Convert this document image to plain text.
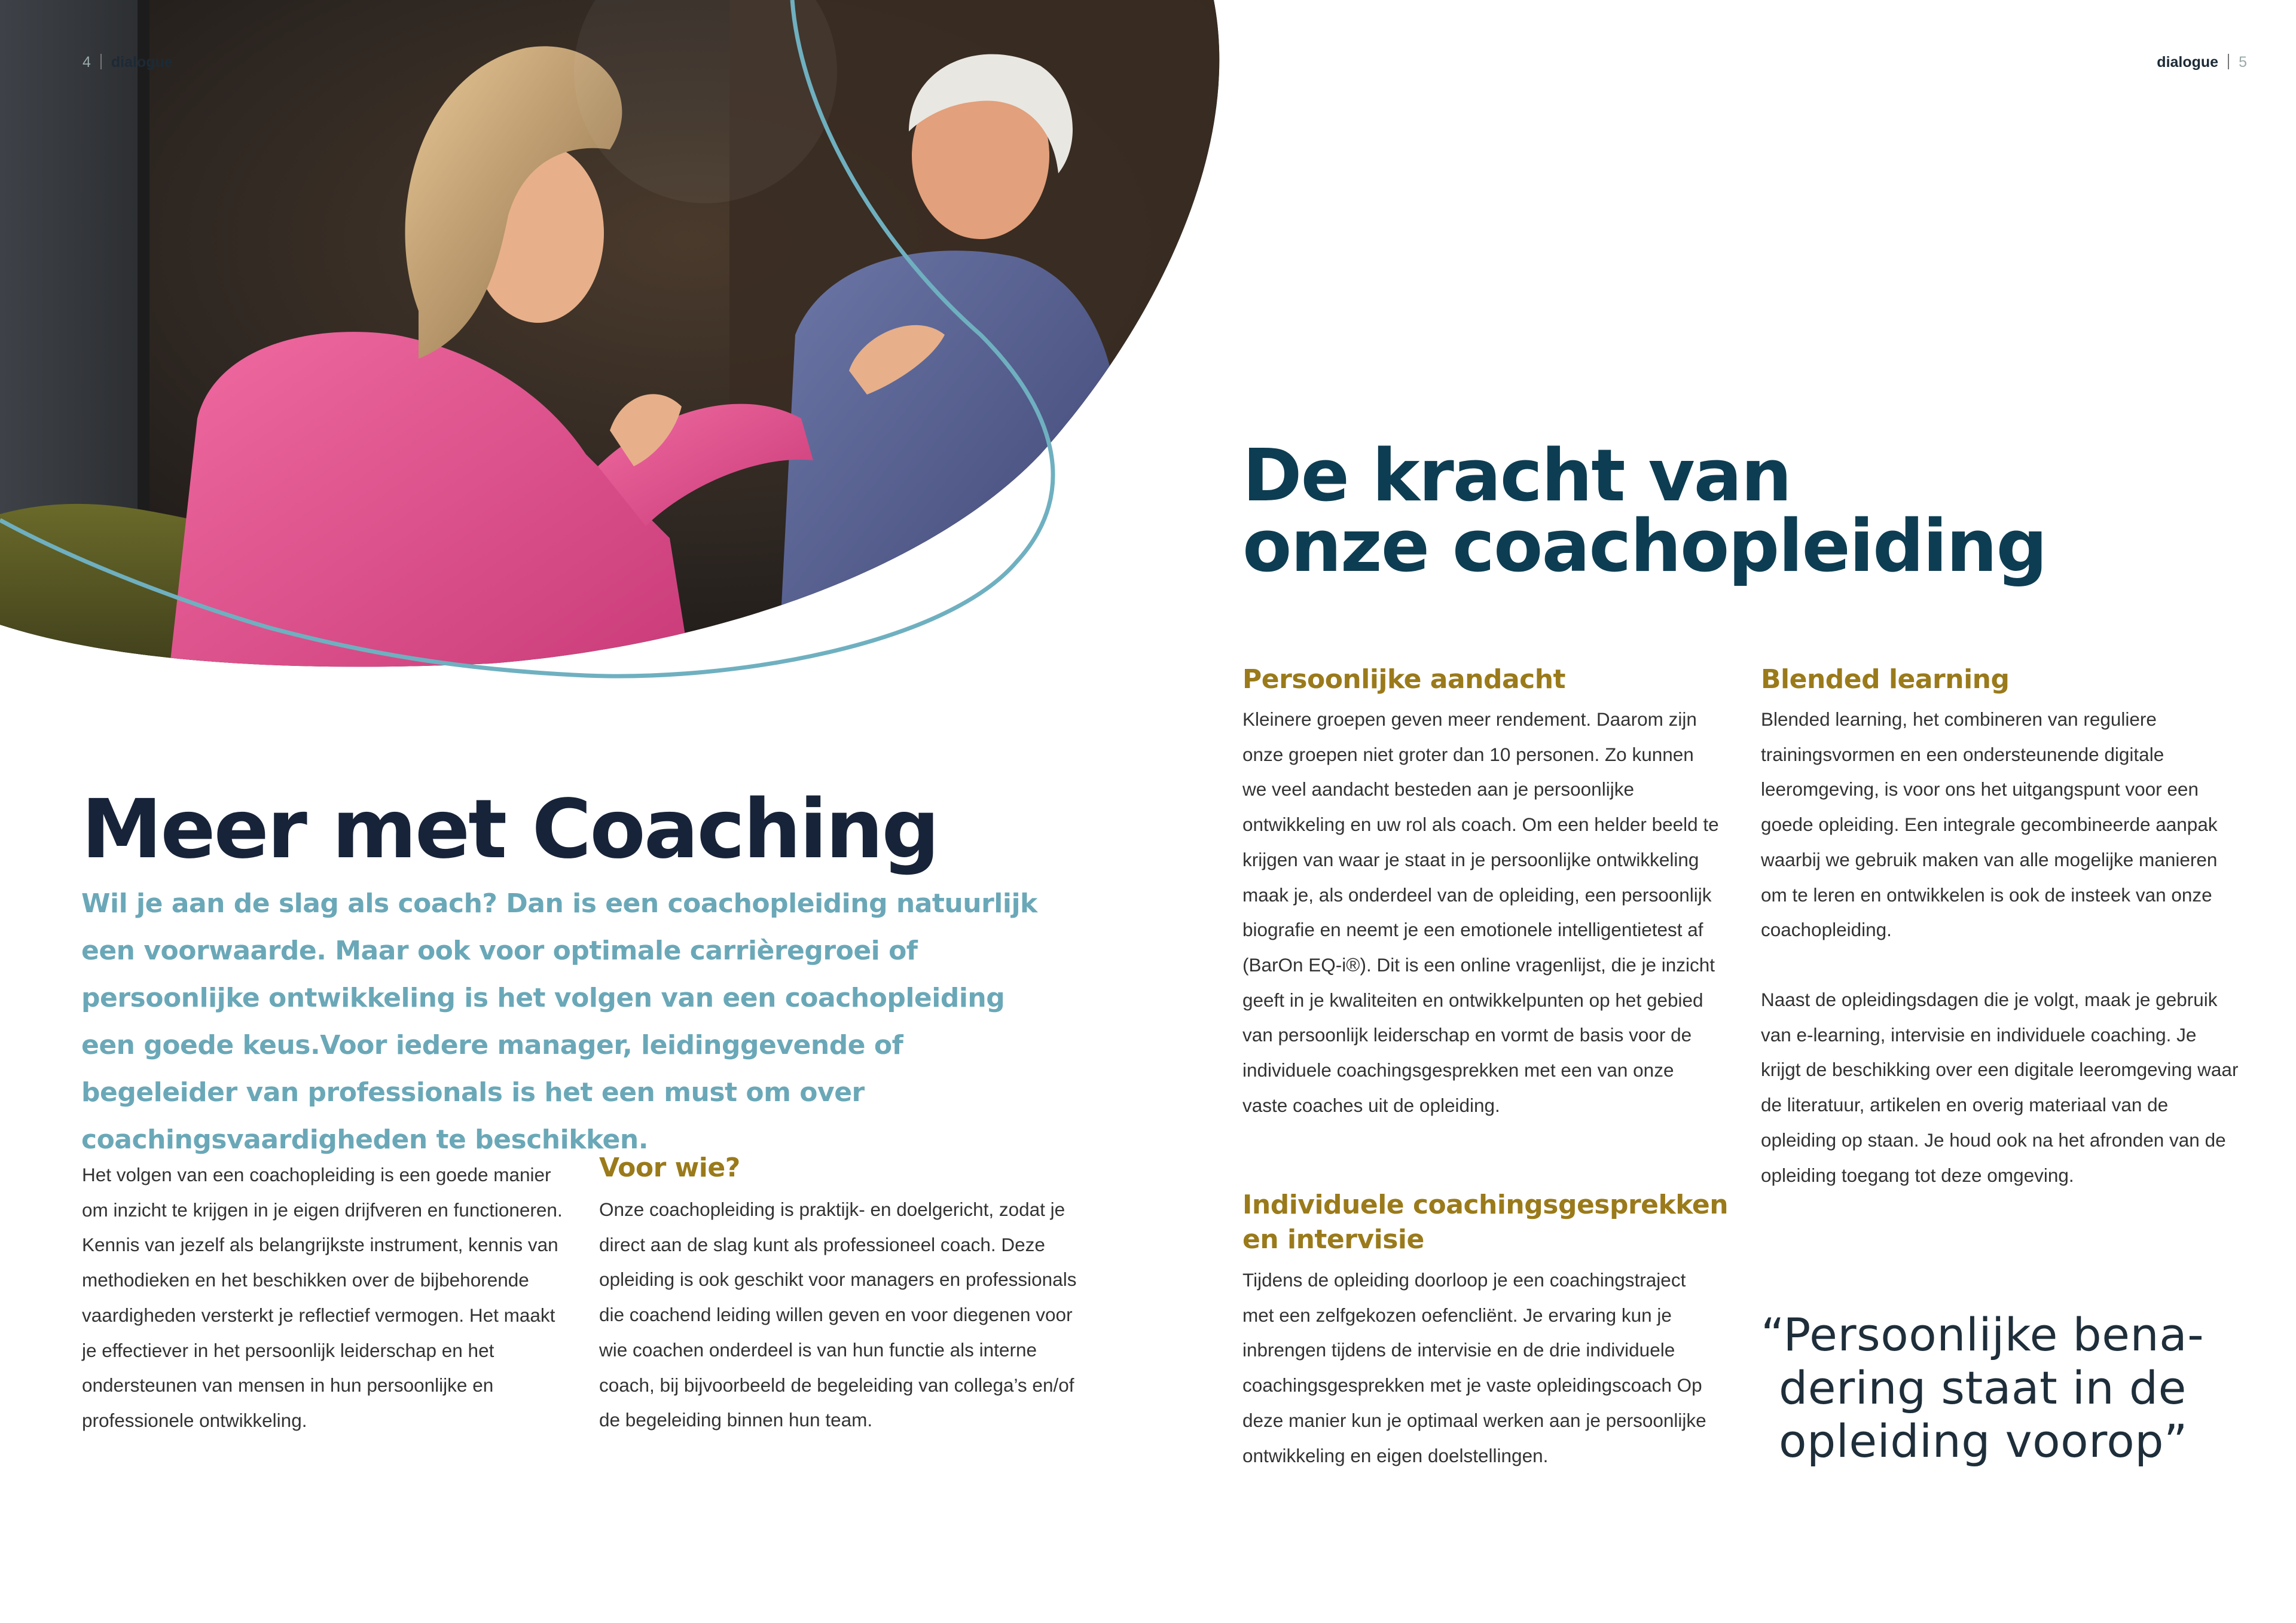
4 dialogue	dialogue 5
Meer met Coaching

Wil je aan de slag als coach? Dan is een coachopleiding natuurlijk een voorwaarde. Maar ook voor optimale carrièregroei of persoonlijke ontwikkeling is het volgen van een coachopleiding een goede keus.Voor iedere manager, leidinggevende of begeleider van professionals is het een must om over coachingsvaardigheden te beschikken.

Het volgen van een coachopleiding is een goede manier om inzicht te krijgen in je eigen drijfveren en functioneren. Kennis van jezelf als belangrijkste instrument, kennis van methodieken en het beschikken over de bijbehorende vaardigheden versterkt je reflectief vermogen. Het maakt je effectiever in het persoonlijk leiderschap en het ondersteunen van mensen in hun persoonlijke en professionele ontwikkeling.

Voor wie?

Onze coachopleiding is praktijk- en doelgericht, zodat je direct aan de slag kunt als professioneel coach. Deze opleiding is ook geschikt voor managers en professionals die coachend leiding willen geven en voor diegenen voor wie coachen onderdeel is van hun functie als interne coach, bij bijvoorbeeld de begeleiding van collega’s en/of de begeleiding binnen hun team.

De kracht van
onze coachopleiding
Persoonlijke aandacht

Kleinere groepen geven meer rendement. Daarom zijn onze groepen niet groter dan 10 personen. Zo kunnen we veel aandacht besteden aan je persoonlijke ontwikkeling en uw rol als coach. Om een helder beeld te krijgen van waar je staat in je persoonlijke ontwikkeling maak je, als onderdeel van de opleiding, een persoonlijk biografie en neemt je een emotionele intelligentietest af (BarOn EQ-i®). Dit is een online vragenlijst, die je inzicht geeft in je kwaliteiten en ontwikkelpunten op het gebied van persoonlijk leiderschap en vormt de basis voor de individuele coachingsgesprekken met een van onze vaste coaches uit de opleiding.

Individuele coachingsgesprekken
en intervisie

Tijdens de opleiding doorloop je een coachingstraject met een zelfgekozen oefencliënt. Je ervaring kun je inbrengen tijdens de intervisie en de drie individuele coachingsgesprekken met je vaste opleidingscoach Op deze manier kun je optimaal werken aan je persoonlijke ontwikkeling en eigen doelstellingen.

Blended learning

Blended learning, het combineren van reguliere trainingsvormen en een ondersteunende digitale leeromgeving, is voor ons het uitgangspunt voor een goede opleiding. Een integrale gecombineerde aanpak waarbij we gebruik maken van alle mogelijke manieren om te leren en ontwikkelen is ook de insteek van onze coachopleiding.

Naast de opleidingsdagen die je volgt, maak je gebruik van e-learning, intervisie en individuele coaching. Je krijgt de beschikking over een digitale leeromgeving waar de literatuur, artikelen en overig materiaal van de opleiding op staan. Je houd ook na het afronden van de opleiding toegang tot deze omgeving.

“Persoonlijke bena-

dering staat in de

opleiding voorop”
